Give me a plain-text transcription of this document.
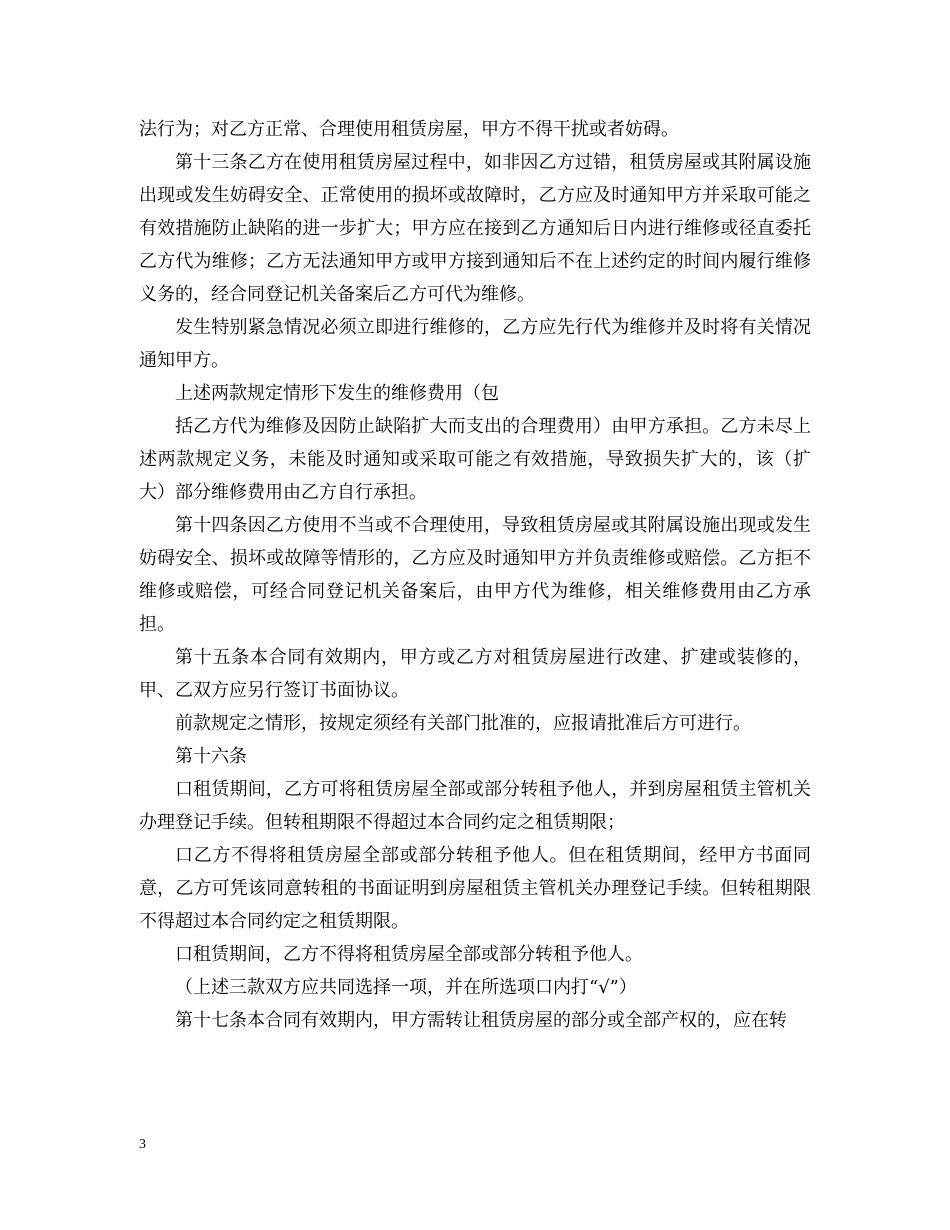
法行为；对乙方正常、合理使用租赁房屋，甲方不得干扰或者妨碍。

第十三条乙方在使用租赁房屋过程中，如非因乙方过错，租赁房屋或其附属设施出现或发生妨碍安全、正常使用的损坏或故障时，乙方应及时通知甲方并采取可能之有效措施防止缺陷的进一步扩大；甲方应在接到乙方通知后日内进行维修或径直委托乙方代为维修；乙方无法通知甲方或甲方接到通知后不在上述约定的时间内履行维修义务的，经合同登记机关备案后乙方可代为维修。

发生特别紧急情况必须立即进行维修的，乙方应先行代为维修并及时将有关情况通知甲方。

上述两款规定情形下发生的维修费用（包

括乙方代为维修及因防止缺陷扩大而支出的合理费用）由甲方承担。乙方未尽上述两款规定义务，未能及时通知或采取可能之有效措施，导致损失扩大的，该（扩大）部分维修费用由乙方自行承担。

第十四条因乙方使用不当或不合理使用，导致租赁房屋或其附属设施出现或发生妨碍安全、损坏或故障等情形的，乙方应及时通知甲方并负责维修或赔偿。乙方拒不维修或赔偿，可经合同登记机关备案后，由甲方代为维修，相关维修费用由乙方承担。

第十五条本合同有效期内，甲方或乙方对租赁房屋进行改建、扩建或装修的，甲、乙双方应另行签订书面协议。

前款规定之情形，按规定须经有关部门批准的，应报请批准后方可进行。

第十六条

口租赁期间，乙方可将租赁房屋全部或部分转租予他人，并到房屋租赁主管机关办理登记手续。但转租期限不得超过本合同约定之租赁期限；

口乙方不得将租赁房屋全部或部分转租予他人。但在租赁期间，经甲方书面同意，乙方可凭该同意转租的书面证明到房屋租赁主管机关办理登记手续。但转租期限不得超过本合同约定之租赁期限。

口租赁期间，乙方不得将租赁房屋全部或部分转租予他人。

（上述三款双方应共同选择一项，并在所选项口内打“√”）

第十七条本合同有效期内，甲方需转让租赁房屋的部分或全部产权的，应在转

3
